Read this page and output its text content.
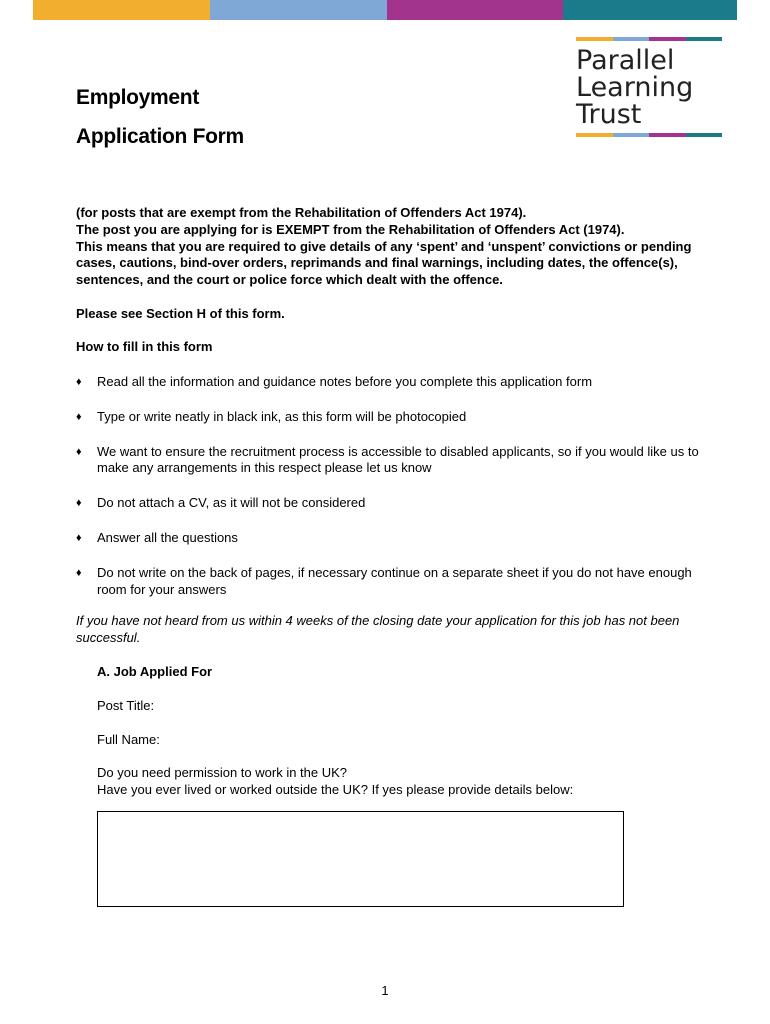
Parallel
Learning
Trust
Employment
Application Form

(for posts that are exempt from the Rehabilitation of Offenders Act 1974).

The post you are applying for is EXEMPT from the Rehabilitation of Offenders Act (1974).

This means that you are required to give details of any ‘spent’ and ‘unspent’ convictions or pending cases, cautions, bind-over orders, reprimands and final warnings, including dates, the offence(s), sentences, and the court or police force which dealt with the offence.

Please see Section H of this form.
How to fill in this form
♦	Read all the information and guidance notes before you complete this application form
♦	Type or write neatly in black ink, as this form will be photocopied
♦	We want to ensure the recruitment process is accessible to disabled applicants, so if you would like us to make any arrangements in this respect please let us know
♦	Do not attach a CV, as it will not be considered
♦	Answer all the questions
♦	Do not write on the back of pages, if necessary continue on a separate sheet if you do not have enough room for your answers
If you have not heard from us within 4 weeks of the closing date your application for this job has not been successful.
A. Job Applied For
Post Title:
Full Name:
Do you need permission to work in the UK?
Have you ever lived or worked outside the UK? If yes please provide details below:
1
